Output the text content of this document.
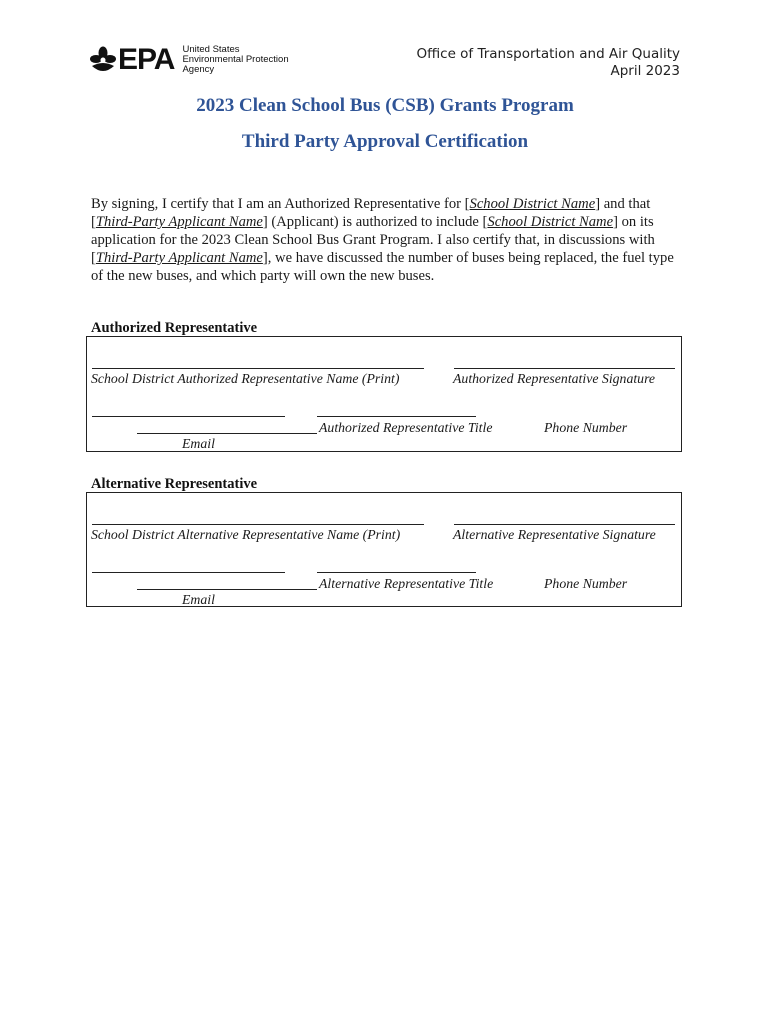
EPA United States
Environmental Protection
Agency
Office of Transportation and Air Quality
April 2023
2023 Clean School Bus (CSB) Grants Program
Third Party Approval Certification
By signing, I certify that I am an Authorized Representative for [School District Name] and that [Third-Party Applicant Name] (Applicant) is authorized to include [School District Name] on its application for the 2023 Clean School Bus Grant Program. I also certify that, in discussions with [Third-Party Applicant Name], we have discussed the number of buses being replaced, the fuel type of the new buses, and which party will own the new buses.
Authorized Representative
School District Authorized Representative Name (Print)	Authorized Representative Signature
Authorized Representative Title	Phone Number
Email
Alternative Representative
School District Alternative Representative Name (Print)	Alternative Representative Signature
Alternative Representative Title	Phone Number
Email
